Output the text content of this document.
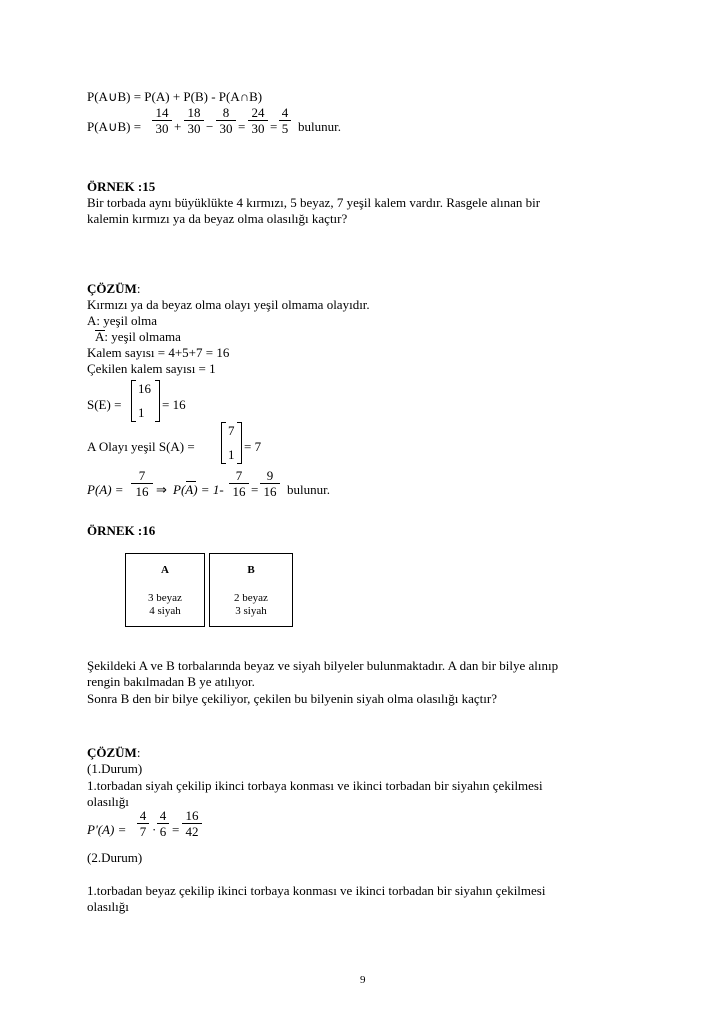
P(A∪B) = P(A) + P(B) - P(A∩B)
P(A∪B) =
14
30 +
18
30 −
8
30 =
24
30 =
4
5 bulunur.
ÖRNEK :15
Bir torbada aynı büyüklükte 4 kırmızı, 5 beyaz, 7 yeşil kalem vardır. Rasgele alınan bir
kalemin kırmızı ya da beyaz olma olasılığı kaçtır?
ÇÖZÜM:
Kırmızı ya da beyaz olma olayı yeşil olmama olayıdır.
A: yeşil olma
A: yeşil olmama
Kalem sayısı = 4+5+7 = 16
Çekilen kalem sayısı = 1
S(E) =
16
1
= 16
A Olayı yeşil S(A) =
7
1
= 7
P(A) =
7
16 ⇒ P(A) = 1-
7
16 =
9
16 bulunur.
ÖRNEK :16
A
3 beyaz
4 siyah
B
2 beyaz
3 siyah
Şekildeki A ve B torbalarında beyaz ve siyah bilyeler bulunmaktadır. A dan bir bilye alınıp
rengin bakılmadan B ye atılıyor.
Sonra B den bir bilye çekiliyor, çekilen bu bilyenin siyah olma olasılığı kaçtır?
ÇÖZÜM:
(1.Durum)
1.torbadan siyah çekilip ikinci torbaya konması ve ikinci torbadan bir siyahın çekilmesi
olasılığı
P'(A) =
4
7 ·
4
6 =
16
42
(2.Durum)
1.torbadan beyaz çekilip ikinci torbaya konması ve ikinci torbadan bir siyahın çekilmesi
olasılığı
9
